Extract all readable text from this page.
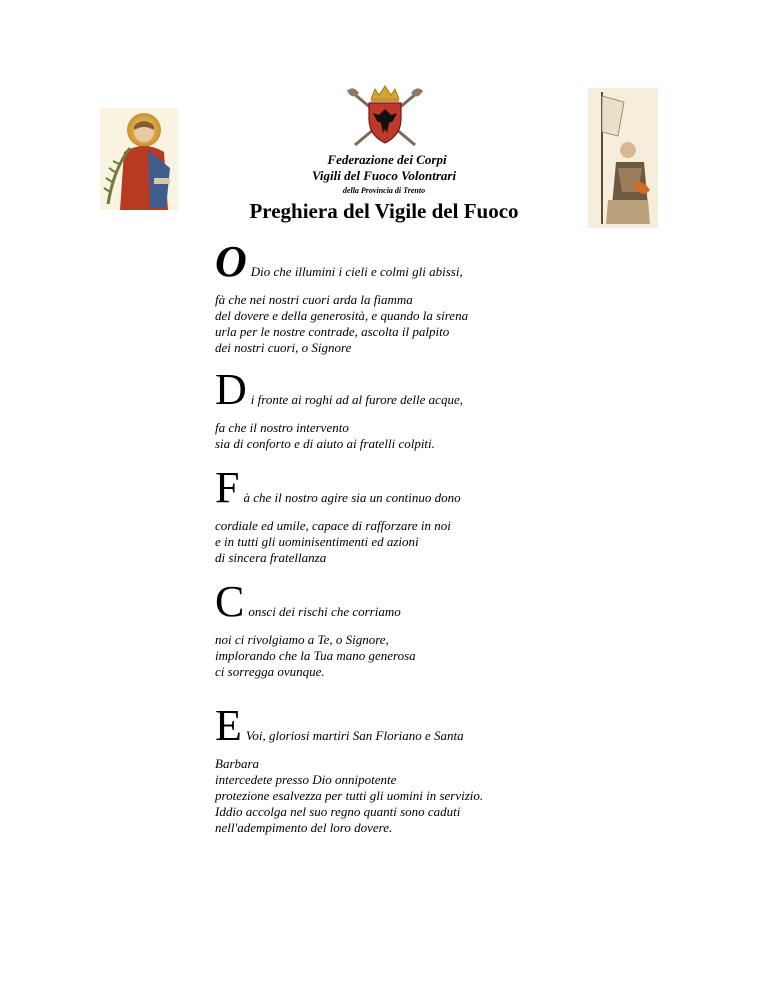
Federazione dei Corpi
Vigili del Fuoco Volontrari
della Provincia di Trento
Preghiera del Vigile del Fuoco
O Dio che illumini i cieli e colmi gli abissi,
fà che nei nostri cuori arda la fiamma
del dovere e della generosità, e quando la sirena
urla per le nostre contrade, ascolta il palpito
dei nostri cuori, o Signore
D i fronte ai roghi ad al furore delle acque,
fa che il nostro intervento
sia di conforto e di aiuto ai fratelli colpiti.
F à che il nostro agire sia un continuo dono
cordiale ed umile, capace di rafforzare in noi
e in tutti gli uominisentimenti ed azioni
di sincera fratellanza
C onsci dei rischi che corriamo
noi ci rivolgiamo a Te, o Signore,
implorando che la Tua mano generosa
ci sorregga ovunque.
E Voi, gloriosi martiri San Floriano e Santa
Barbara
intercedete presso Dio onnipotente
protezione esalvezza per tutti gli uomini in servizio.
Iddio accolga nel suo regno quanti sono caduti
nell'adempimento del loro dovere.
